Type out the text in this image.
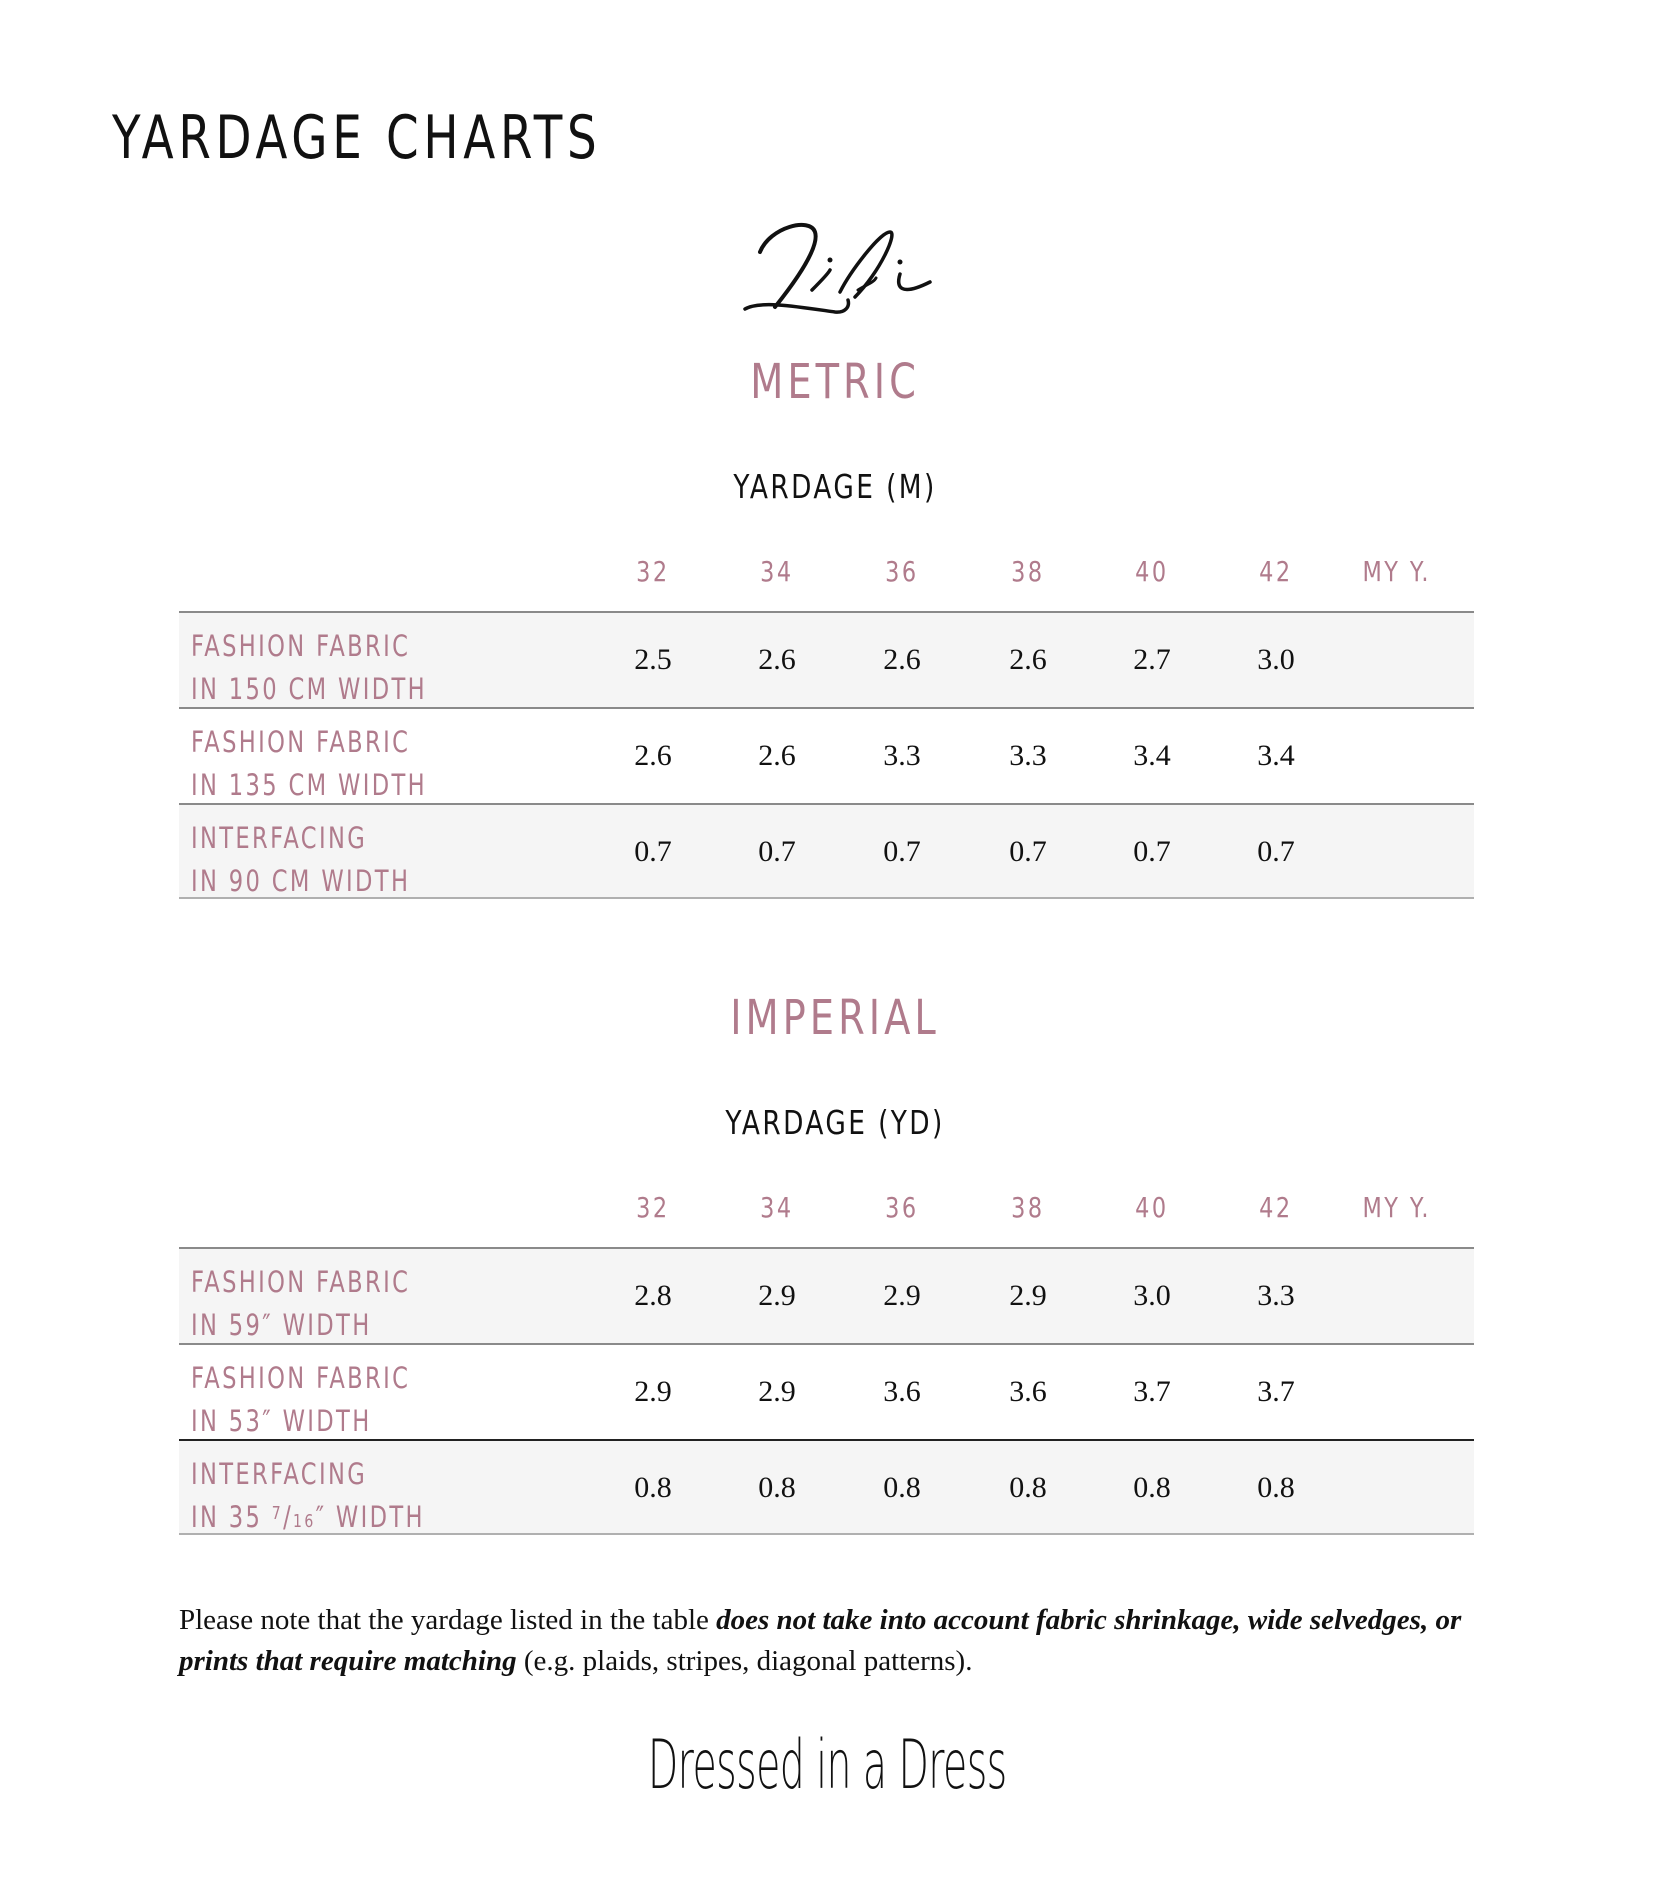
YARDAGE CHARTS
METRIC
YARDAGE (M)
32	34	36	38	40	42	MY Y.
FASHION FABRIC
IN 150 CM WIDTH
2.5	2.6	2.6	2.6	2.7	3.0
FASHION FABRIC
IN 135 CM WIDTH
2.6	2.6	3.3	3.3	3.4	3.4
INTERFACING
IN 90 CM WIDTH
0.7	0.7	0.7	0.7	0.7	0.7
IMPERIAL
YARDAGE (YD)
32	34	36	38	40	42	MY Y.
FASHION FABRIC
IN 59″ WIDTH
2.8	2.9	2.9	2.9	3.0	3.3
FASHION FABRIC
IN 53″ WIDTH
2.9	2.9	3.6	3.6	3.7	3.7
INTERFACING
IN 35 $^7$/16″ WIDTH
0.8	0.8	0.8	0.8	0.8	0.8
Please note that the yardage listed in the table does not take into account fabric shrinkage, wide selvedges, or prints that require matching (e.g. plaids, stripes, diagonal patterns).
Dressed in a Dress
